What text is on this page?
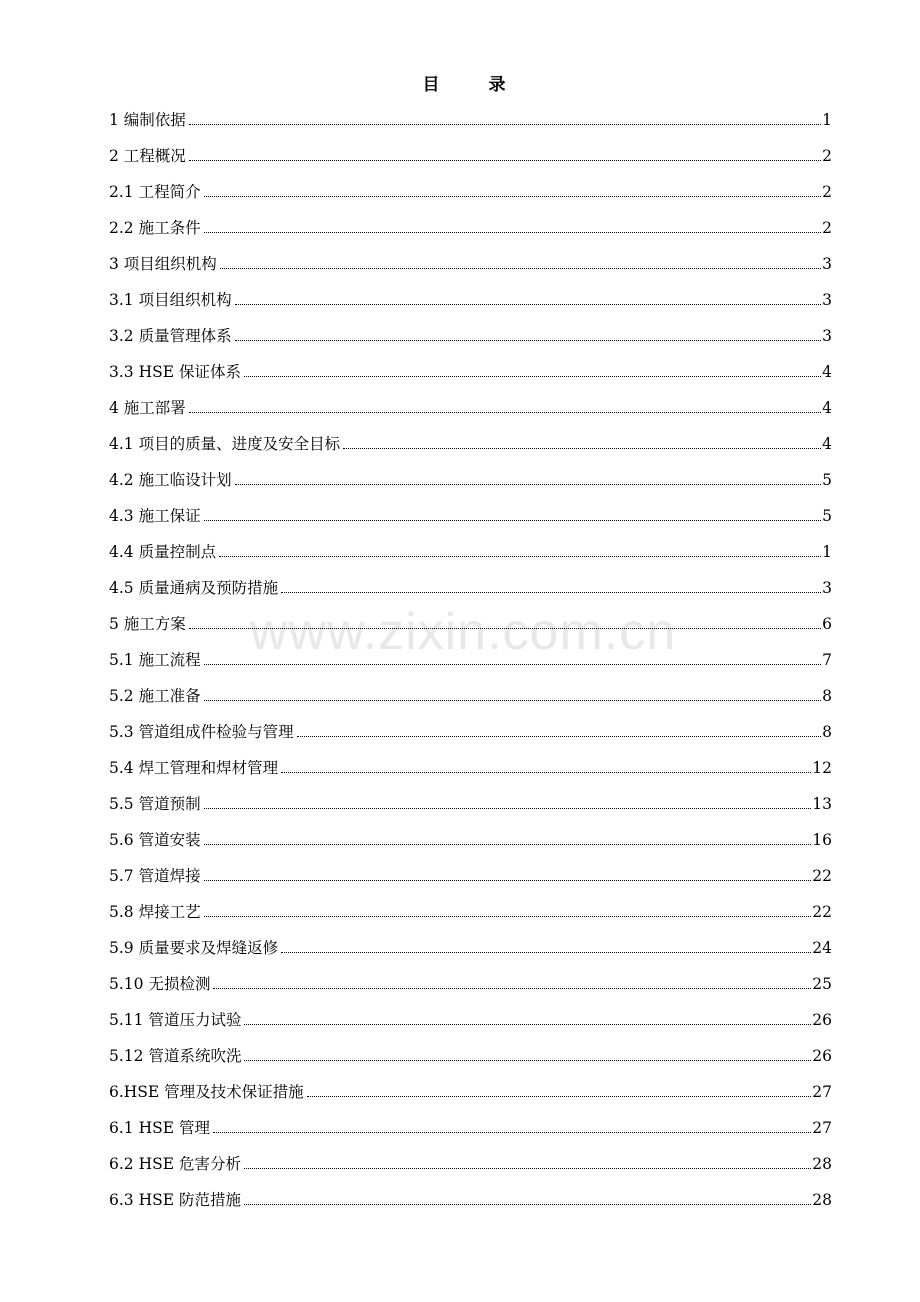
www.zixin.com.cn
目　录
1 编制依据	1
2 工程概况	2
2.1 工程简介	2
2.2 施工条件	2
3 项目组织机构	3
3.1 项目组织机构	3
3.2 质量管理体系	3
3.3 HSE 保证体系	4
4 施工部署	4
4.1 项目的质量、进度及安全目标	4
4.2 施工临设计划	5
4.3 施工保证	5
4.4 质量控制点	1
4.5 质量通病及预防措施	3
5 施工方案	6
5.1 施工流程	7
5.2 施工准备	8
5.3 管道组成件检验与管理	8
5.4 焊工管理和焊材管理	12
5.5 管道预制	13
5.6 管道安装	16
5.7 管道焊接	22
5.8 焊接工艺	22
5.9 质量要求及焊缝返修	24
5.10 无损检测	25
5.11 管道压力试验	26
5.12 管道系统吹洗	26
6.HSE 管理及技术保证措施	27
6.1 HSE 管理	27
6.2 HSE 危害分析	28
6.3 HSE 防范措施	28
